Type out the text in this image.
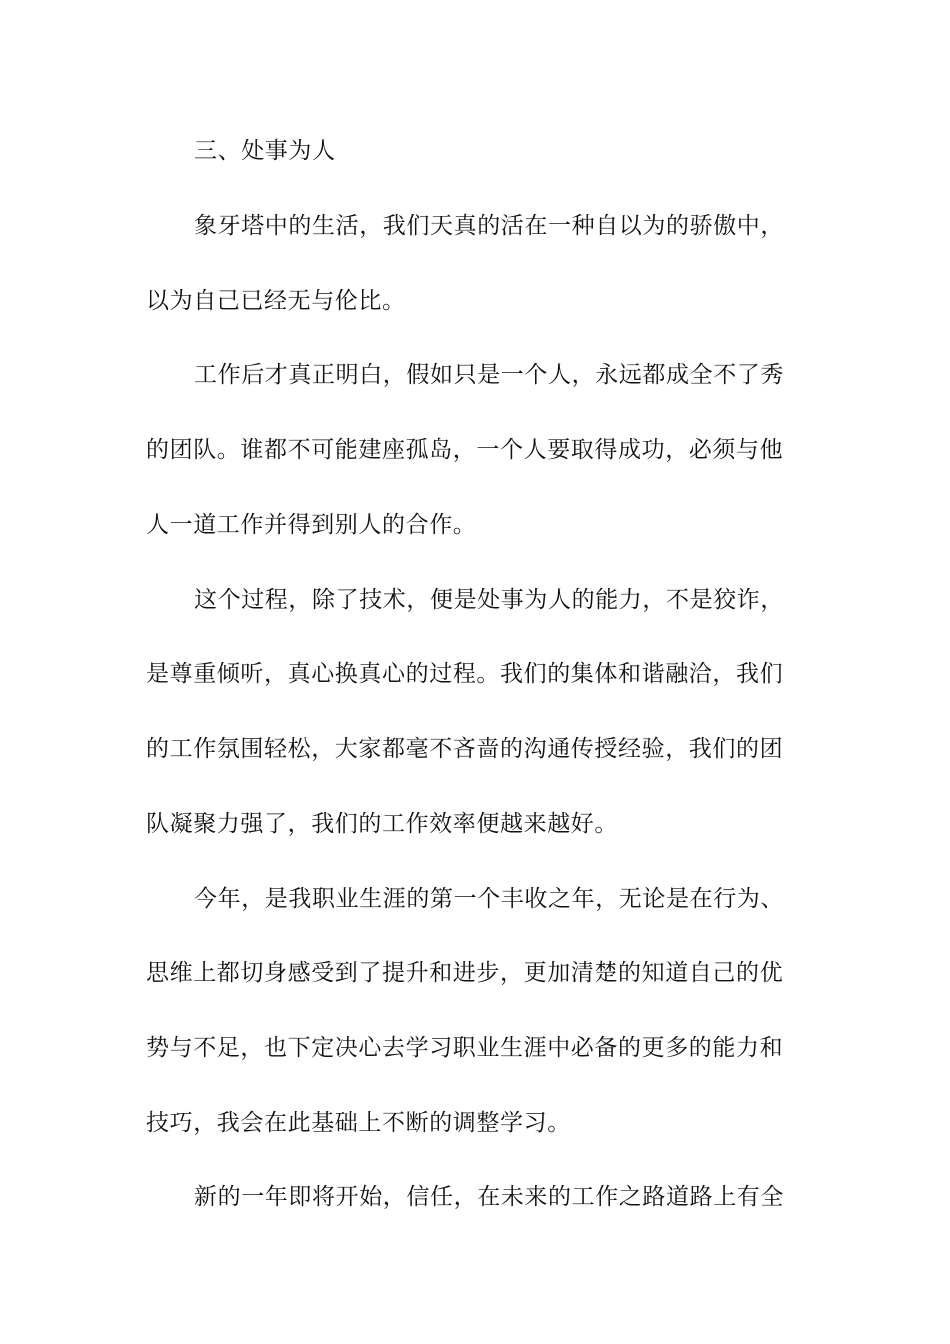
三、处事为人
象牙塔中的生活，我们天真的活在一种自以为的骄傲中，
以为自己已经无与伦比。
工作后才真正明白，假如只是一个人，永远都成全不了秀
的团队。谁都不可能建座孤岛，一个人要取得成功，必须与他
人一道工作并得到别人的合作。
这个过程，除了技术，便是处事为人的能力，不是狡诈，
是尊重倾听，真心换真心的过程。我们的集体和谐融洽，我们
的工作氛围轻松，大家都毫不吝啬的沟通传授经验，我们的团
队凝聚力强了，我们的工作效率便越来越好。
今年，是我职业生涯的第一个丰收之年，无论是在行为、
思维上都切身感受到了提升和进步，更加清楚的知道自己的优
势与不足，也下定决心去学习职业生涯中必备的更多的能力和
技巧，我会在此基础上不断的调整学习。
新的一年即将开始，信任，在未来的工作之路道路上有全
